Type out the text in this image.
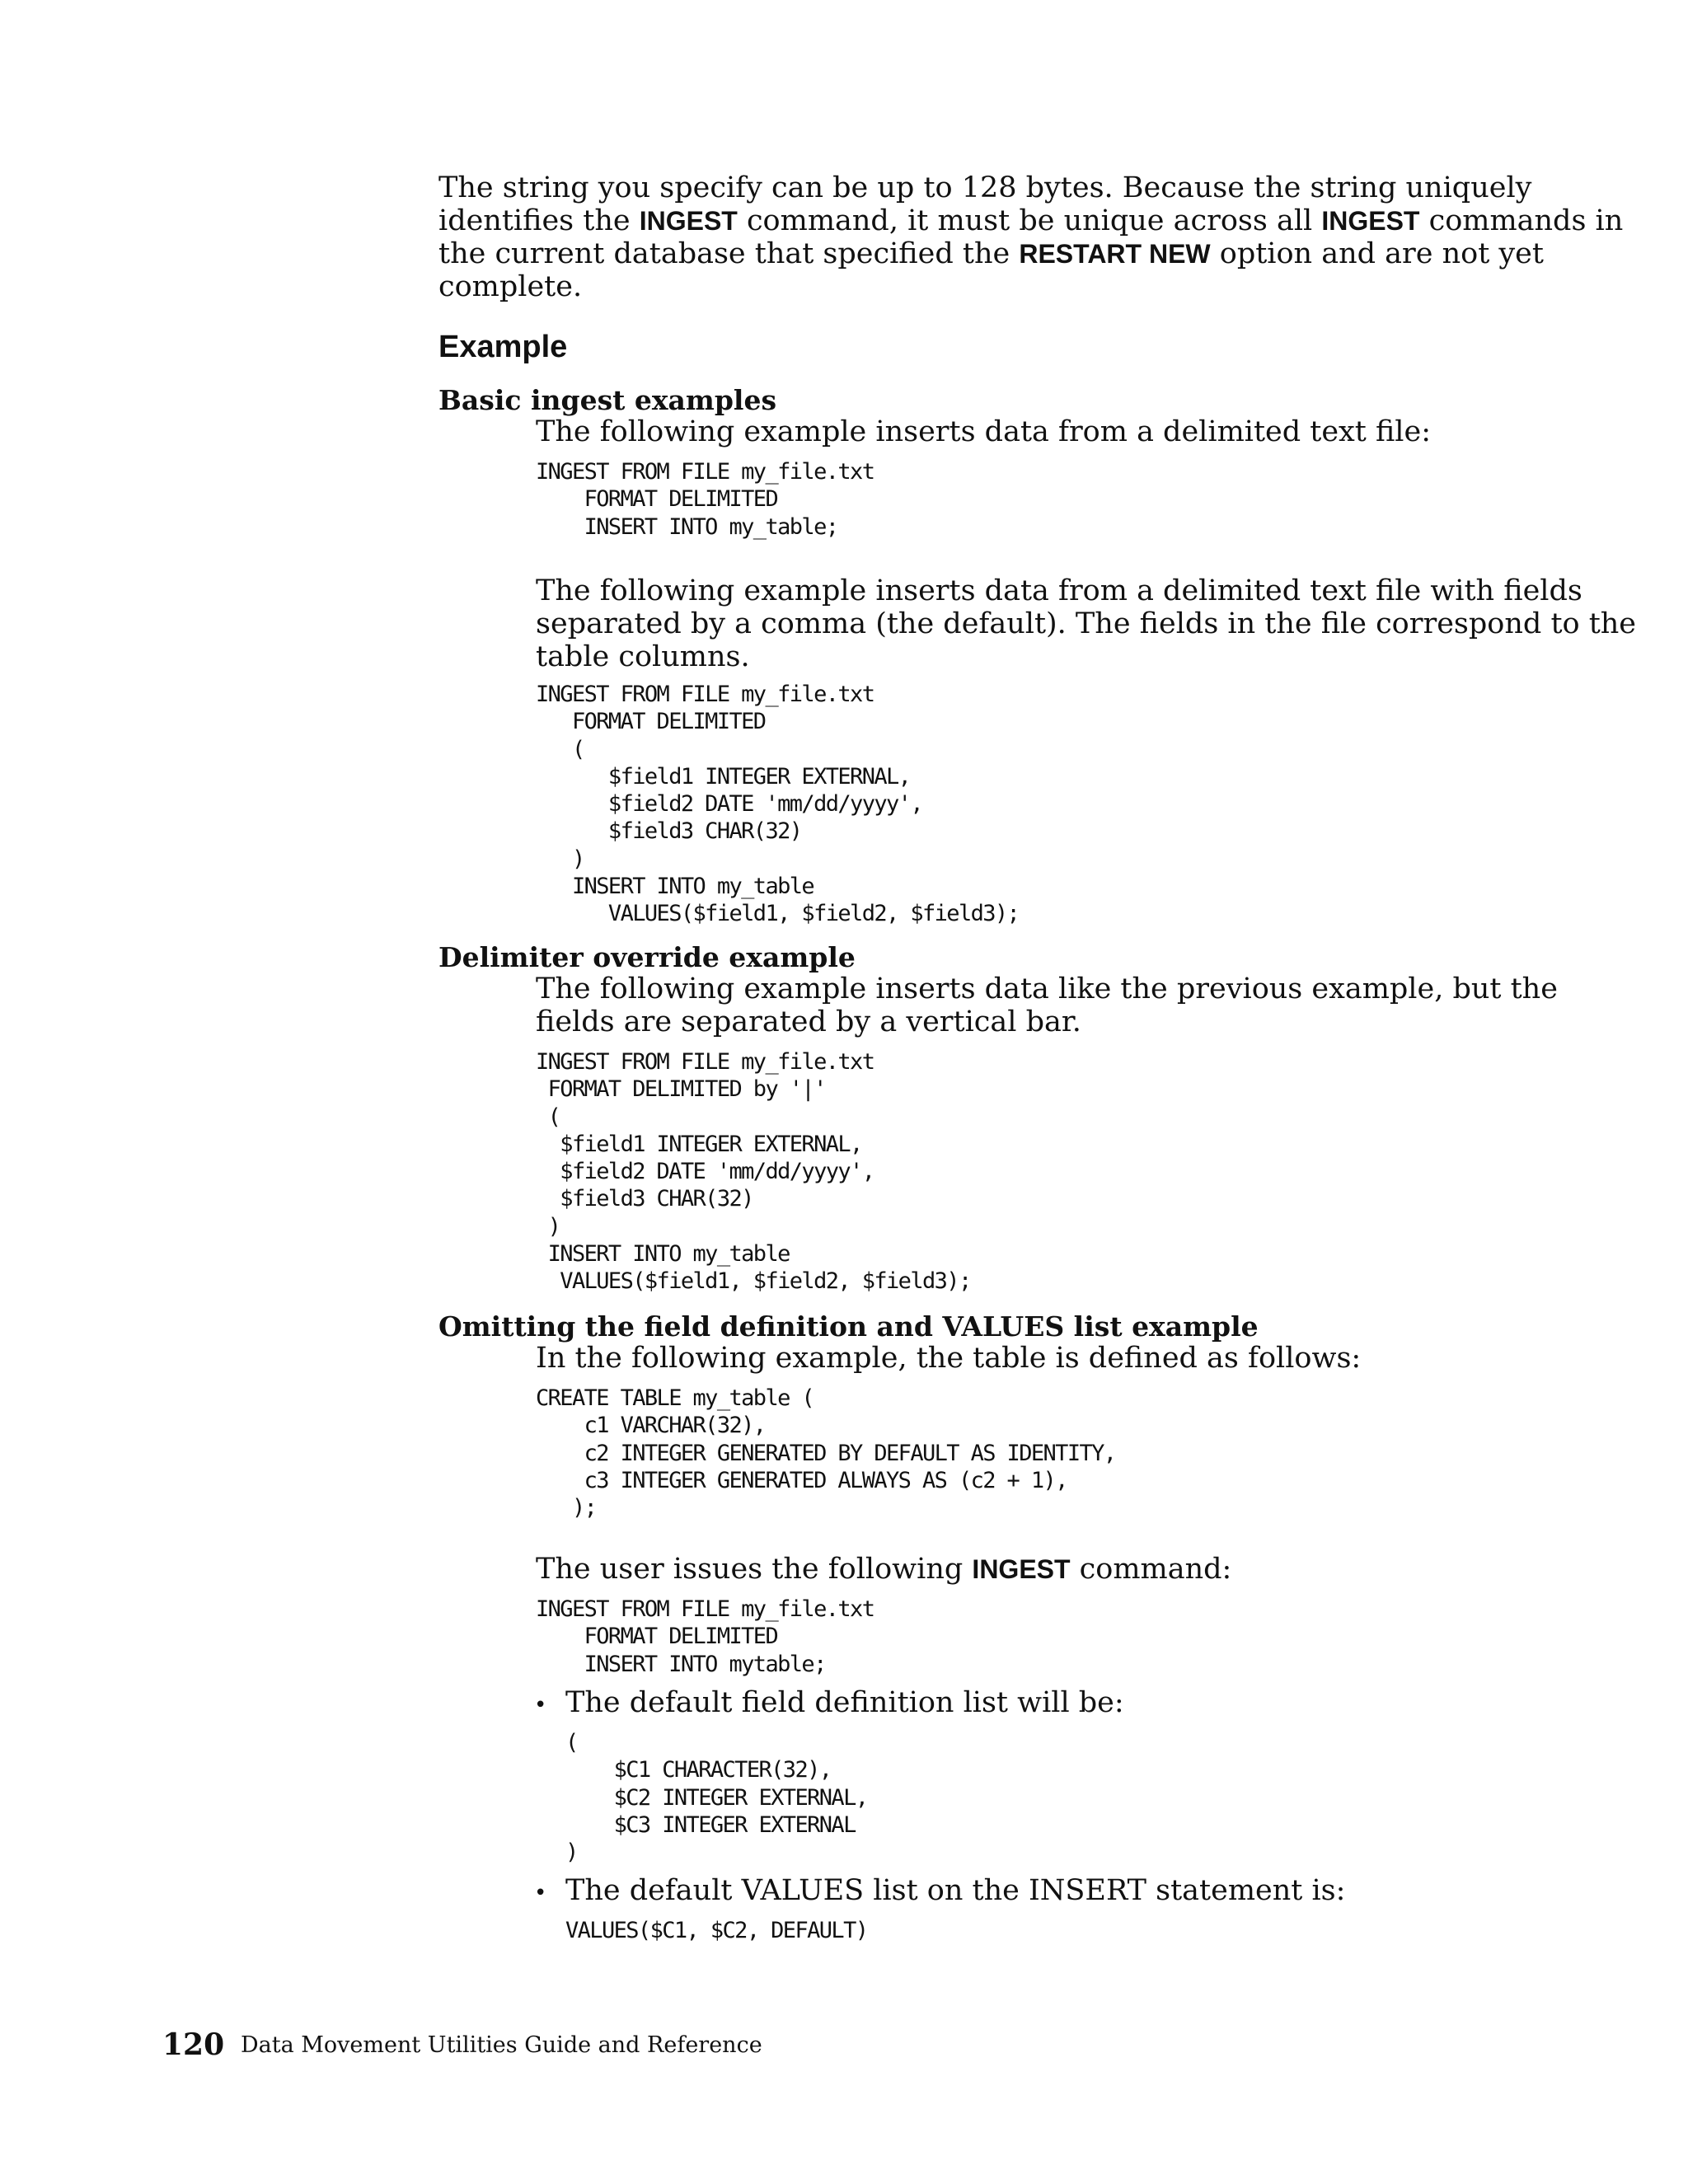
The string you specify can be up to 128 bytes. Because the string uniquely
identifies the INGEST command, it must be unique across all INGEST commands in
the current database that specified the RESTART NEW option and are not yet
complete.
Example
Basic ingest examples
The following example inserts data from a delimited text file:
INGEST FROM FILE my_file.txt
FORMAT DELIMITED
INSERT INTO my_table;
The following example inserts data from a delimited text file with fields
separated by a comma (the default). The fields in the file correspond to the
table columns.
INGEST FROM FILE my_file.txt
FORMAT DELIMITED
(
$field1 INTEGER EXTERNAL,
$field2 DATE 'mm/dd/yyyy',
$field3 CHAR(32)
)
INSERT INTO my_table
VALUES($field1, $field2, $field3);
Delimiter override example
The following example inserts data like the previous example, but the
fields are separated by a vertical bar.
INGEST FROM FILE my_file.txt
FORMAT DELIMITED by '|'
(
$field1 INTEGER EXTERNAL,
$field2 DATE 'mm/dd/yyyy',
$field3 CHAR(32)
)
INSERT INTO my_table
VALUES($field1, $field2, $field3);
Omitting the field definition and VALUES list example
In the following example, the table is defined as follows:
CREATE TABLE my_table (
c1 VARCHAR(32),
c2 INTEGER GENERATED BY DEFAULT AS IDENTITY,
c3 INTEGER GENERATED ALWAYS AS (c2 + 1),
);
The user issues the following INGEST command:
INGEST FROM FILE my_file.txt
FORMAT DELIMITED
INSERT INTO mytable;
• The default field definition list will be:
(
$C1 CHARACTER(32),
$C2 INTEGER EXTERNAL,
$C3 INTEGER EXTERNAL
)
• The default VALUES list on the INSERT statement is:
VALUES($C1, $C2, DEFAULT)
120 Data Movement Utilities Guide and Reference
